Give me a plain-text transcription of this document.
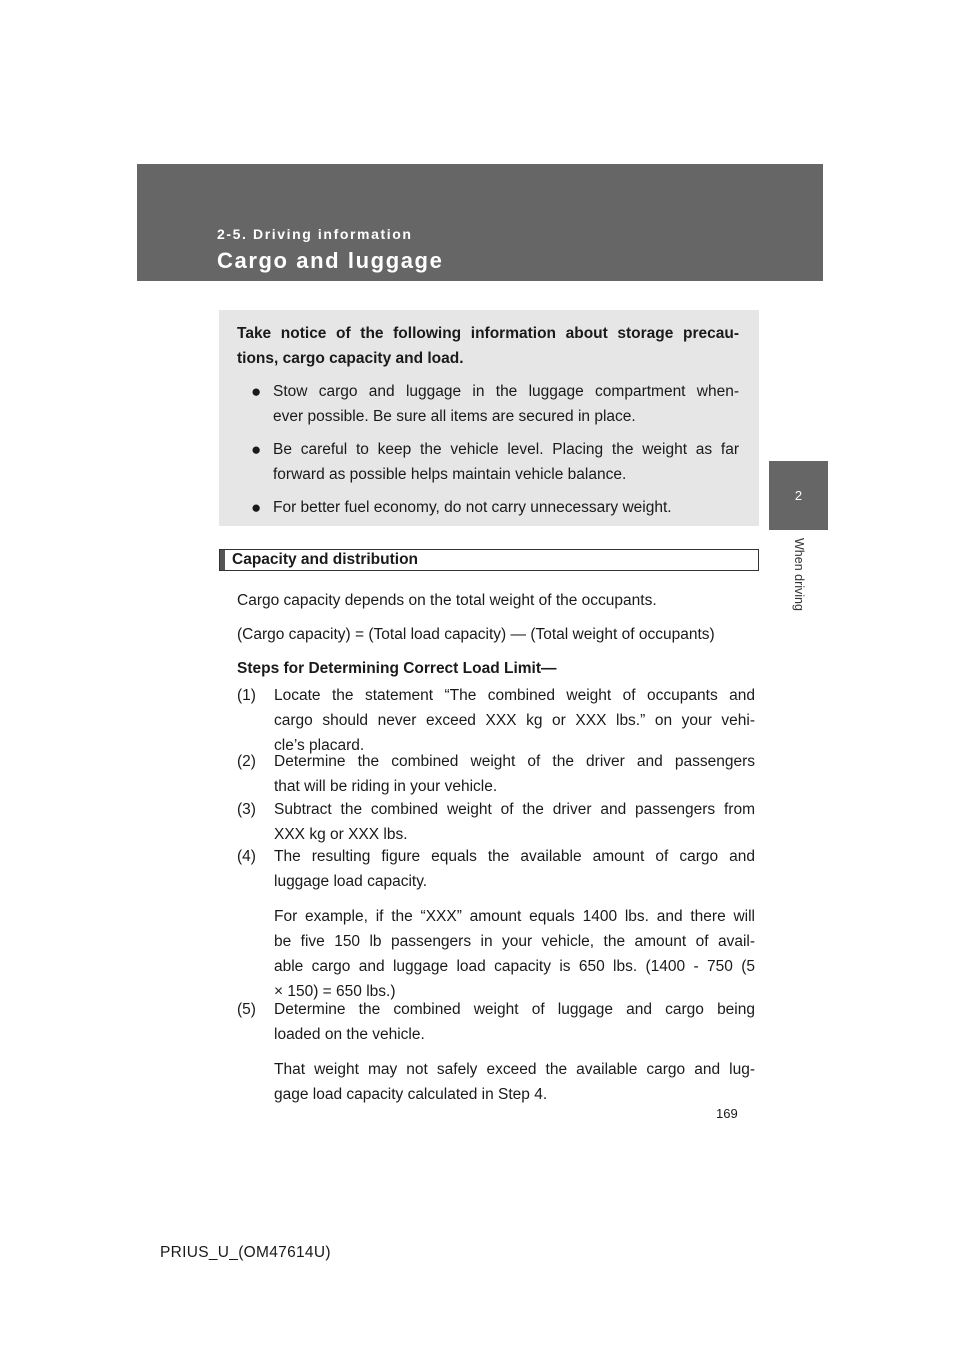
2-5. Driving information
Cargo and luggage
2
When driving
Take notice of the following information about storage precau-
tions, cargo capacity and load.
● Stow cargo and luggage in the luggage compartment when-
ever possible. Be sure all items are secured in place.
● Be careful to keep the vehicle level. Placing the weight as far
forward as possible helps maintain vehicle balance.
● For better fuel economy, do not carry unnecessary weight.
Capacity and distribution
Cargo capacity depends on the total weight of the occupants.
(Cargo capacity) = (Total load capacity) — (Total weight of occupants)
Steps for Determining Correct Load Limit—
(1) Locate the statement “The combined weight of occupants and
cargo should never exceed XXX kg or XXX lbs.” on your vehi-
cle’s placard.
(2) Determine the combined weight of the driver and passengers
that will be riding in your vehicle.
(3) Subtract the combined weight of the driver and passengers from
XXX kg or XXX lbs.
(4) The resulting figure equals the available amount of cargo and
luggage load capacity.
For example, if the “XXX” amount equals 1400 lbs. and there will
be five 150 lb passengers in your vehicle, the amount of avail-
able cargo and luggage load capacity is 650 lbs. (1400 - 750 (5
× 150) = 650 lbs.)
(5) Determine the combined weight of luggage and cargo being
loaded on the vehicle.
That weight may not safely exceed the available cargo and lug-
gage load capacity calculated in Step 4.
169
PRIUS_U_(OM47614U)
